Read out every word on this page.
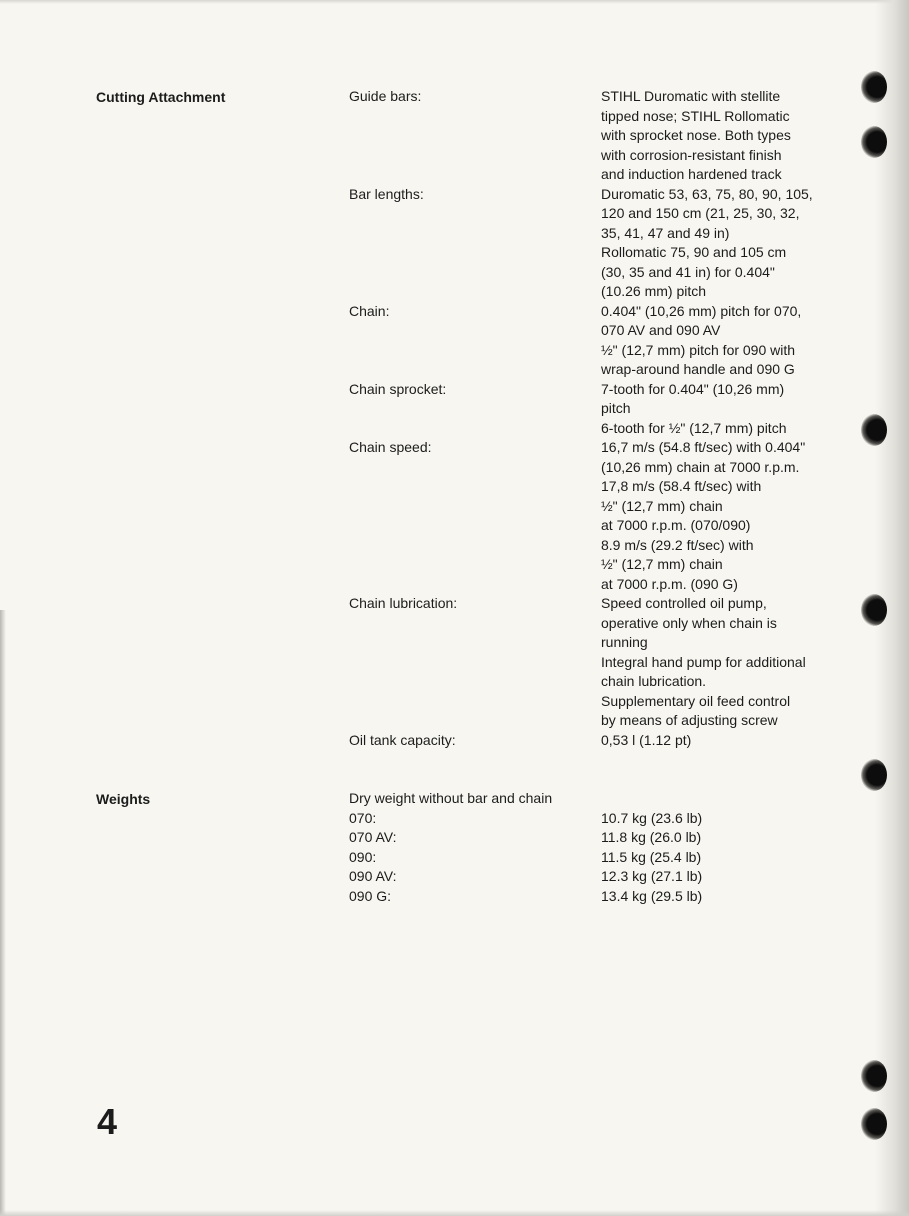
Cutting Attachment	Guide bars:
Bar lengths:
Chain:
Chain sprocket:
Chain speed:
Chain lubrication:
Oil tank capacity:
STIHL Duromatic with stellite
tipped nose; STIHL Rollomatic
with sprocket nose. Both types
with corrosion-resistant finish
and induction hardened track
Duromatic 53, 63, 75, 80, 90, 105,
120 and 150 cm (21, 25, 30, 32,
35, 41, 47 and 49 in)
Rollomatic 75, 90 and 105 cm
(30, 35 and 41 in) for 0.404"
(10.26 mm) pitch
0.404" (10,26 mm) pitch for 070,
070 AV and 090 AV
½" (12,7 mm) pitch for 090 with
wrap-around handle and 090 G
7-tooth for 0.404" (10,26 mm)
pitch
6-tooth for ½" (12,7 mm) pitch
16,7 m/s (54.8 ft/sec) with 0.404"
(10,26 mm) chain at 7000 r.p.m.
17,8 m/s (58.4 ft/sec) with
½" (12,7 mm) chain
at 7000 r.p.m. (070/090)
8.9 m/s (29.2 ft/sec) with
½" (12,7 mm) chain
at 7000 r.p.m. (090 G)
Speed controlled oil pump,
operative only when chain is
running
Integral hand pump for additional
chain lubrication.
Supplementary oil feed control
by means of adjusting screw
0,53 l (1.12 pt)
Weights	Dry weight without bar and chain
070:
070 AV:
090:
090 AV:
090 G:
10.7 kg (23.6 lb)
11.8 kg (26.0 lb)
11.5 kg (25.4 lb)
12.3 kg (27.1 lb)
13.4 kg (29.5 lb)
4
